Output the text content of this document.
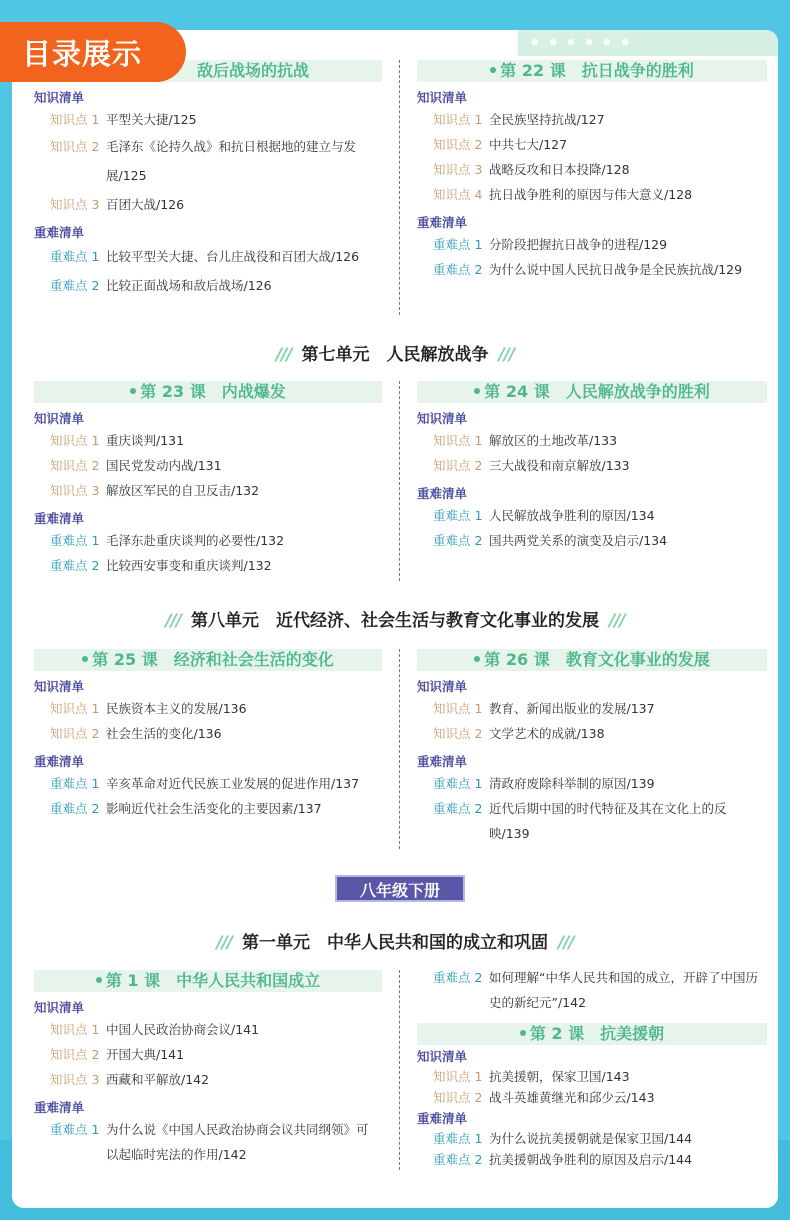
目录展示	敌后战场的抗战
知识清单
知识点 1 平型关大捷/125
知识点 2 毛泽东《论持久战》和抗日根据地的建立与发展/125
知识点 3 百团大战/126
重难清单
重难点 1 比较平型关大捷、台儿庄战役和百团大战/126
重难点 2 比较正面战场和敌后战场/126
第 22 课　抗日战争的胜利
知识清单
知识点 1 全民族坚持抗战/127
知识点 2 中共七大/127
知识点 3 战略反攻和日本投降/128
知识点 4 抗日战争胜利的原因与伟大意义/128
重难清单
重难点 1 分阶段把握抗日战争的进程/129
重难点 2 为什么说中国人民抗日战争是全民族抗战/129
/// 第七单元　人民解放战争 ///
第 23 课　内战爆发
知识清单
知识点 1 重庆谈判/131
知识点 2 国民党发动内战/131
知识点 3 解放区军民的自卫反击/132
重难清单
重难点 1 毛泽东赴重庆谈判的必要性/132
重难点 2 比较西安事变和重庆谈判/132
第 24 课　人民解放战争的胜利
知识清单
知识点 1 解放区的土地改革/133
知识点 2 三大战役和南京解放/133
重难清单
重难点 1 人民解放战争胜利的原因/134
重难点 2 国共两党关系的演变及启示/134
/// 第八单元　近代经济、社会生活与教育文化事业的发展 ///
第 25 课　经济和社会生活的变化
知识清单
知识点 1 民族资本主义的发展/136
知识点 2 社会生活的变化/136
重难清单
重难点 1 辛亥革命对近代民族工业发展的促进作用/137
重难点 2 影响近代社会生活变化的主要因素/137
第 26 课　教育文化事业的发展
知识清单
知识点 1 教育、新闻出版业的发展/137
知识点 2 文学艺术的成就/138
重难清单
重难点 1 清政府废除科举制的原因/139
重难点 2 近代后期中国的时代特征及其在文化上的反映/139
八年级下册
/// 第一单元　中华人民共和国的成立和巩固 ///
第 1 课　中华人民共和国成立
知识清单
知识点 1 中国人民政治协商会议/141
知识点 2 开国大典/141
知识点 3 西藏和平解放/142
重难清单
重难点 1 为什么说《中国人民政治协商会议共同纲领》可以起临时宪法的作用/142
重难点 2 如何理解“中华人民共和国的成立，开辟了中国历史的新纪元”/142
第 2 课　抗美援朝
知识清单
知识点 1 抗美援朝，保家卫国/143
知识点 2 战斗英雄黄继光和邱少云/143
重难清单
重难点 1 为什么说抗美援朝就是保家卫国/144
重难点 2 抗美援朝战争胜利的原因及启示/144
